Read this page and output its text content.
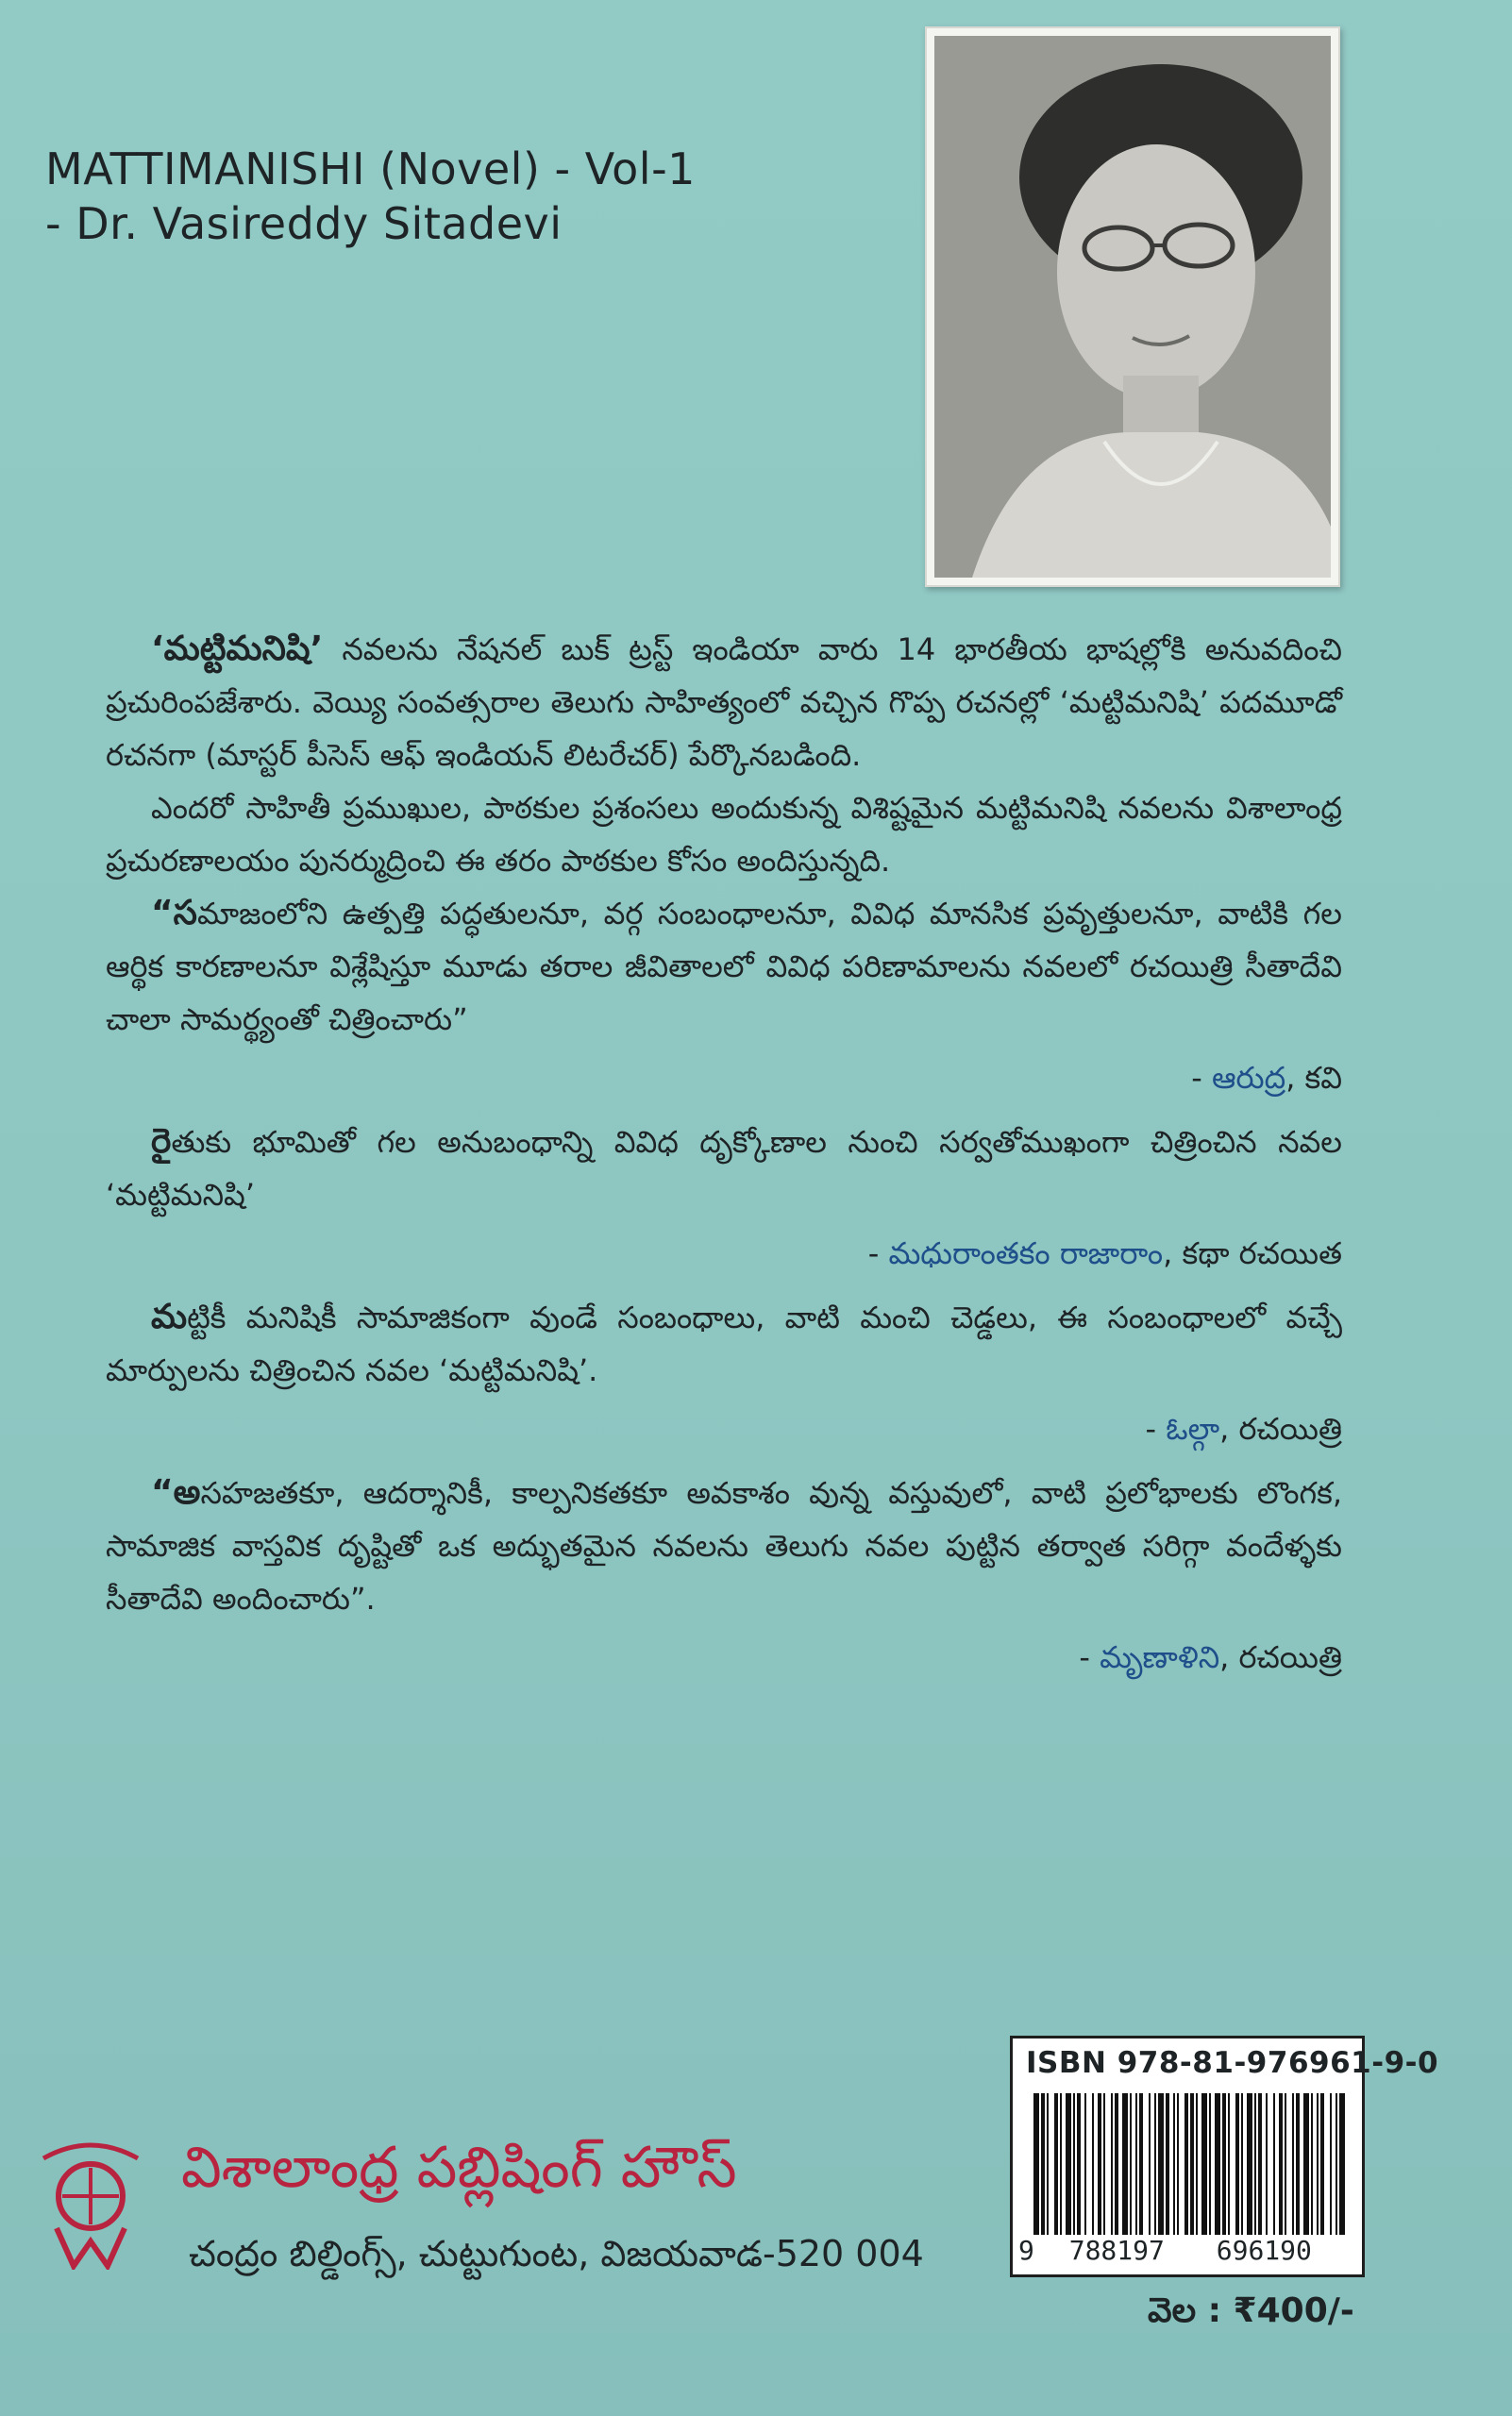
MATTIMANISHI (Novel) - Vol-1
- Dr. Vasireddy Sitadevi

‘మట్టిమనిషి’ నవలను నేషనల్ బుక్ ట్రస్ట్ ఇండియా వారు 14 భారతీయ భాషల్లోకి అనువదించి ప్రచురింపజేశారు. వెయ్యి సంవత్సరాల తెలుగు సాహిత్యంలో వచ్చిన గొప్ప రచనల్లో ‘మట్టిమనిషి’ పదమూడో రచనగా (మాస్టర్ పీసెస్ ఆఫ్ ఇండియన్ లిటరేచర్) పేర్కొనబడింది.

ఎందరో సాహితీ ప్రముఖుల, పాఠకుల ప్రశంసలు అందుకున్న విశిష్టమైన మట్టిమనిషి నవలను విశాలాంధ్ర ప్రచురణాలయం పునర్ముద్రించి ఈ తరం పాఠకుల కోసం అందిస్తున్నది.

“సమాజంలోని ఉత్పత్తి పద్ధతులనూ, వర్గ సంబంధాలనూ, వివిధ మానసిక ప్రవృత్తులనూ, వాటికి గల ఆర్థిక కారణాలనూ విశ్లేషిస్తూ మూడు తరాల జీవితాలలో వివిధ పరిణామాలను నవలలో రచయిత్రి సీతాదేవి చాలా సామర్థ్యంతో చిత్రించారు”

- ఆరుద్ర, కవి

రైతుకు భూమితో గల అనుబంధాన్ని వివిధ దృక్కోణాల నుంచి సర్వతోముఖంగా చిత్రించిన నవల ‘మట్టిమనిషి’

- మధురాంతకం రాజారాం, కథా రచయిత

మట్టికీ మనిషికీ సామాజికంగా వుండే సంబంధాలు, వాటి మంచి చెడ్డలు, ఈ సంబంధాలలో వచ్చే మార్పులను చిత్రించిన నవల ‘మట్టిమనిషి’.

- ఓల్గా, రచయిత్రి

“అసహజతకూ, ఆదర్శానికీ, కాల్పనికతకూ అవకాశం వున్న వస్తువులో, వాటి ప్రలోభాలకు లొంగక, సామాజిక వాస్తవిక దృష్టితో ఒక అద్భుతమైన నవలను తెలుగు నవల పుట్టిన తర్వాత సరిగ్గా వందేళ్ళకు సీతాదేవి అందించారు”.

- మృణాళిని, రచయిత్రి
ISBN 978-81-976961-9-0
9 788197 696190
విశాలాంధ్ర పబ్లిషింగ్ హౌస్
చంద్రం బిల్డింగ్స్, చుట్టుగుంట, విజయవాడ-520 004
వెల : ₹400/-
